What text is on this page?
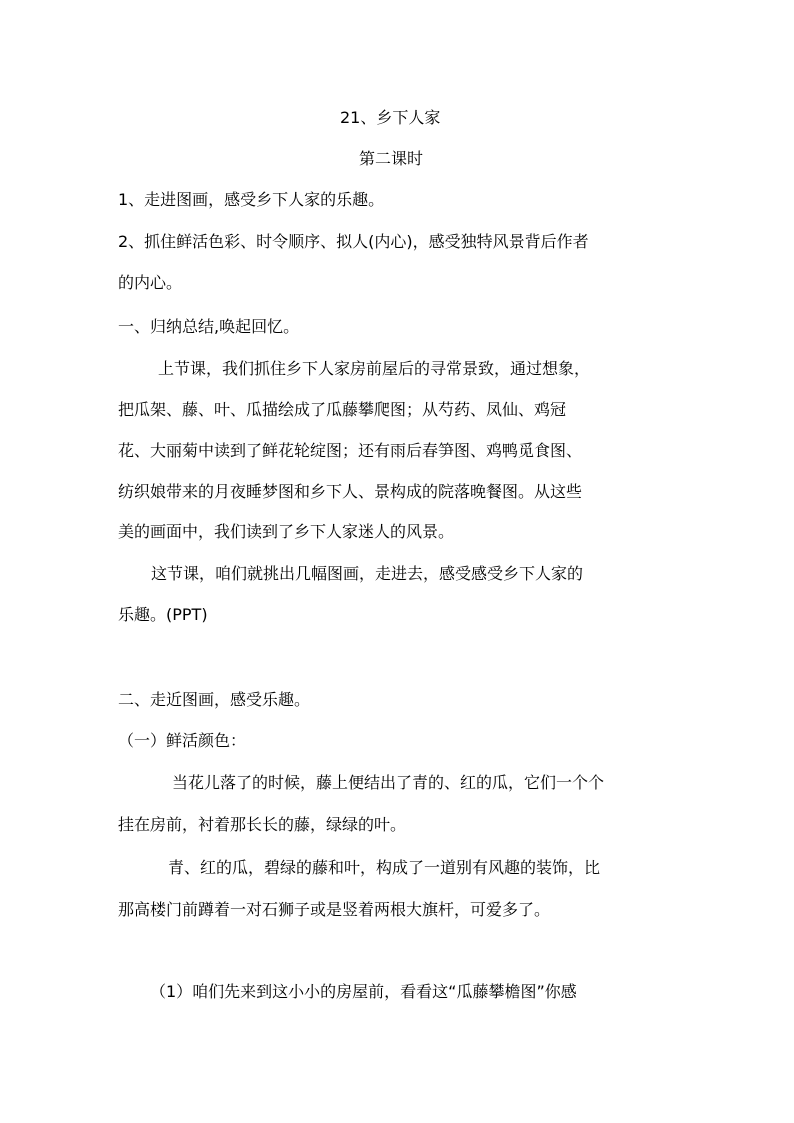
21、乡下人家

第二课时

1、走进图画，感受乡下人家的乐趣。

2、抓住鲜活色彩、时令顺序、拟人(内心)，感受独特风景背后作者

的内心。

一、归纳总结,唤起回忆。

上节课，我们抓住乡下人家房前屋后的寻常景致，通过想象，

把瓜架、藤、叶、瓜描绘成了瓜藤攀爬图；从芍药、凤仙、鸡冠

花、大丽菊中读到了鲜花轮绽图；还有雨后春笋图、鸡鸭觅食图、

纺织娘带来的月夜睡梦图和乡下人、景构成的院落晚餐图。从这些

美的画面中，我们读到了乡下人家迷人的风景。

这节课，咱们就挑出几幅图画，走进去，感受感受乡下人家的

乐趣。(PPT)

二、走近图画，感受乐趣。

（一）鲜活颜色：

当花儿落了的时候，藤上便结出了青的、红的瓜，它们一个个

挂在房前，衬着那长长的藤，绿绿的叶。

青、红的瓜，碧绿的藤和叶，构成了一道别有风趣的装饰，比

那高楼门前蹲着一对石狮子或是竖着两根大旗杆，可爱多了。

（1）咱们先来到这小小的房屋前，看看这“瓜藤攀檐图”你感
